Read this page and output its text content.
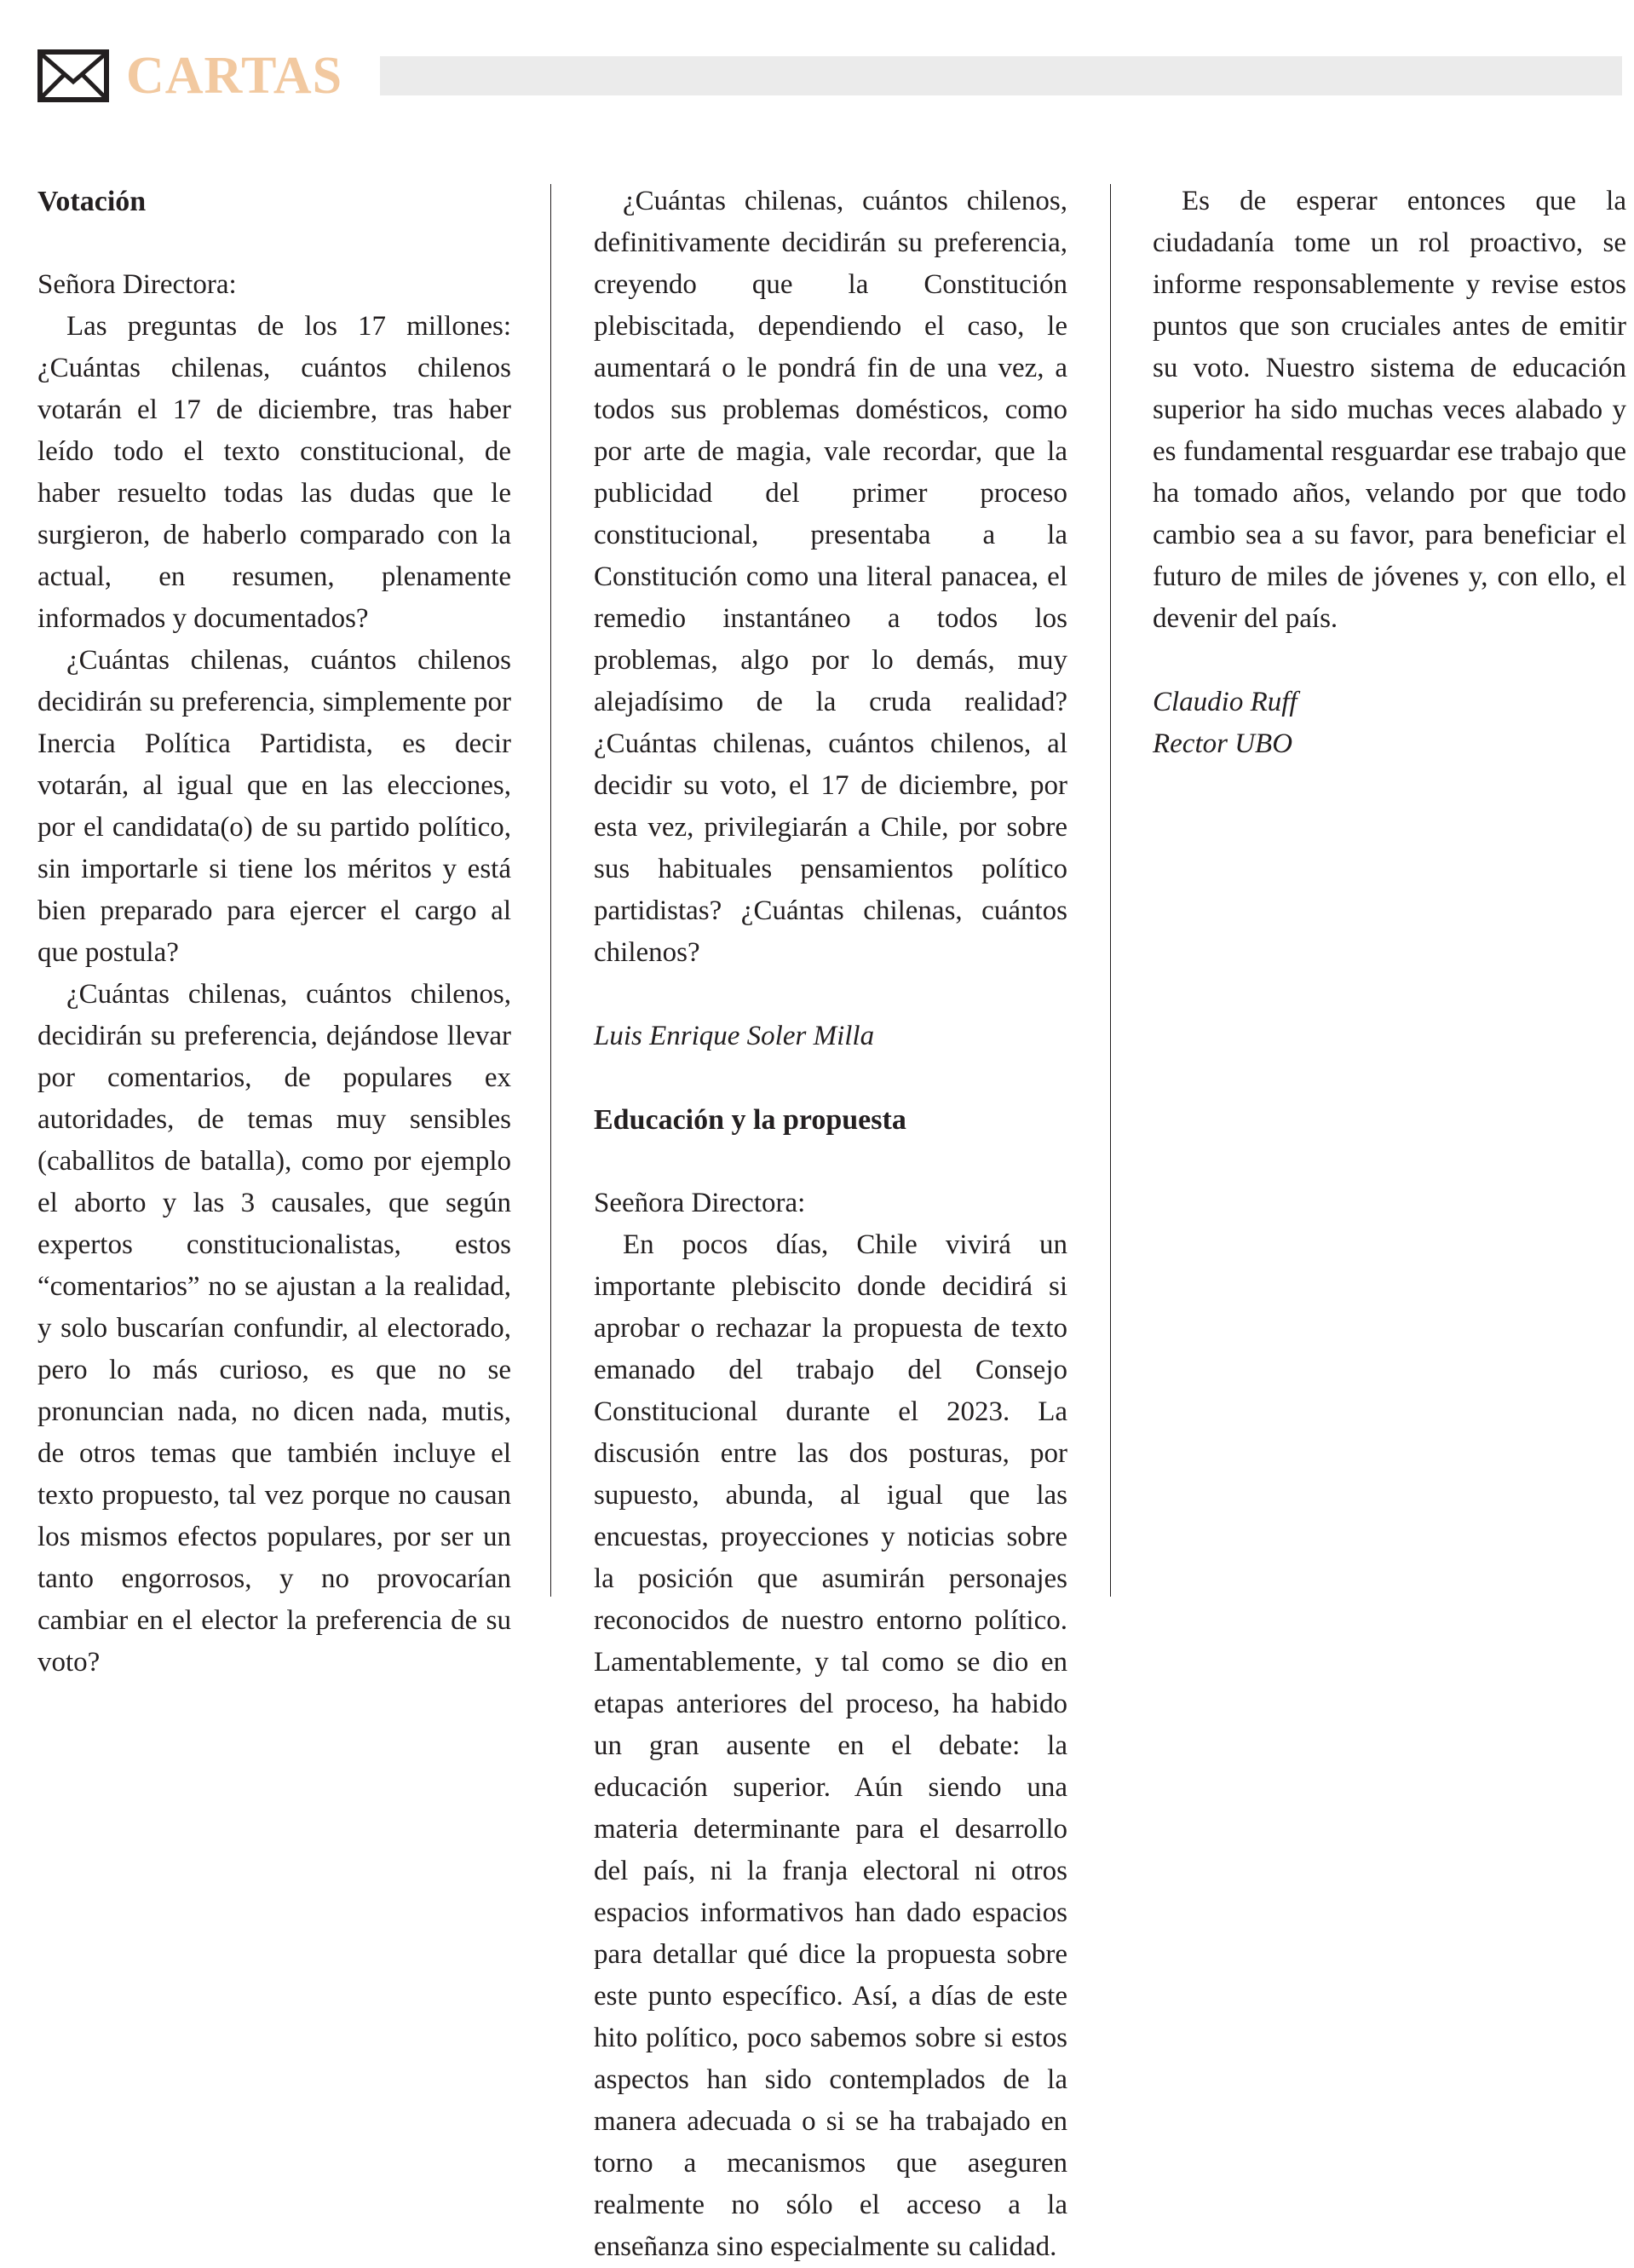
CARTAS

Votación

Señora Directora:

Las preguntas de los 17 millones: ¿Cuántas chilenas, cuántos chilenos votarán el 17 de diciembre, tras haber leído todo el texto constitucional, de haber resuelto todas las dudas que le surgieron, de haberlo comparado con la actual, en resumen, plenamente informados y documentados?

¿Cuántas chilenas, cuántos chilenos decidirán su preferencia, simplemente por Inercia Política Partidista, es decir votarán, al igual que en las elecciones, por el candidata(o) de su partido político, sin importarle si tiene los méritos y está bien preparado para ejercer el cargo al que postula?

¿Cuántas chilenas, cuántos chilenos, decidirán su preferencia, dejándose llevar por comentarios, de populares ex autoridades, de temas muy sensibles (caballitos de batalla), como por ejemplo el aborto y las 3 causales, que según expertos constitucionalistas, estos “comentarios” no se ajustan a la realidad, y solo buscarían confundir, al electorado, pero lo más curioso, es que no se pronuncian nada, no dicen nada, mutis, de otros temas que también incluye el texto propuesto, tal vez porque no causan los mismos efectos populares, por ser un tanto engorrosos, y no provocarían cambiar en el elector la preferencia de su voto?

¿Cuántas chilenas, cuántos chilenos, definitivamente decidirán su preferencia, creyendo que la Constitución plebiscitada, dependiendo el caso, le aumentará o le pondrá fin de una vez, a todos sus problemas domésticos, como por arte de magia, vale recordar, que la publicidad del primer proceso constitucional, presentaba a la Constitución como una literal panacea, el remedio instantáneo a todos los problemas, algo por lo demás, muy alejadísimo de la cruda realidad? ¿Cuántas chilenas, cuántos chilenos, al decidir su voto, el 17 de diciembre, por esta vez, privilegiarán a Chile, por sobre sus habituales pensamientos político partidistas? ¿Cuántas chilenas, cuántos chilenos?

Luis Enrique Soler Milla

Educación y la propuesta

Seeñora Directora:

En pocos días, Chile vivirá un importante plebiscito donde decidirá si aprobar o rechazar la propuesta de texto emanado del trabajo del Consejo Constitucional durante el 2023. La discusión entre las dos posturas, por supuesto, abunda, al igual que las encuestas, proyecciones y noticias sobre la posición que asumirán personajes reconocidos de nuestro entorno político. Lamentablemente, y tal como se dio en etapas anteriores del proceso, ha habido un gran ausente en el debate: la educación superior. Aún siendo una materia determinante para el desarrollo del país, ni la franja electoral ni otros espacios informativos han dado espacios para detallar qué dice la propuesta sobre este punto específico. Así, a días de este hito político, poco sabemos sobre si estos aspectos han sido contemplados de la manera adecuada o si se ha trabajado en torno a mecanismos que aseguren realmente no sólo el acceso a la enseñanza sino especialmente su calidad.

Es de esperar entonces que la ciudadanía tome un rol proactivo, se informe responsablemente y revise estos puntos que son cruciales antes de emitir su voto. Nuestro sistema de educación superior ha sido muchas veces alabado y es fundamental resguardar ese trabajo que ha tomado años, velando por que todo cambio sea a su favor, para beneficiar el futuro de miles de jóvenes y, con ello, el devenir del país.

Claudio Ruff

Rector UBO
